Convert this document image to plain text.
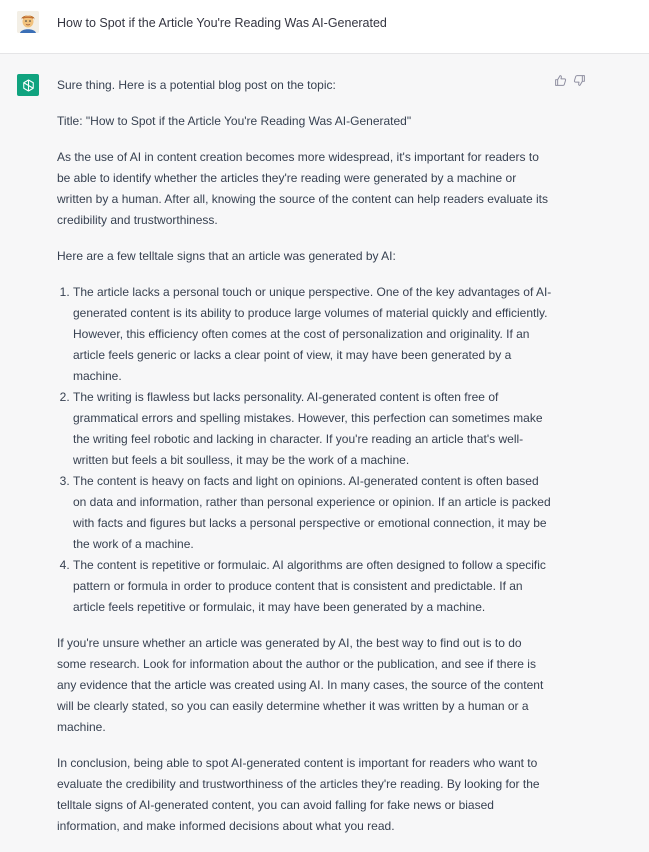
How to Spot if the Article You're Reading Was AI-Generated

Sure thing. Here is a potential blog post on the topic:

Title: "How to Spot if the Article You're Reading Was AI-Generated"

As the use of AI in content creation becomes more widespread, it's important for readers to be able to identify whether the articles they're reading were generated by a machine or written by a human. After all, knowing the source of the content can help readers evaluate its credibility and trustworthiness.

Here are a few telltale signs that an article was generated by AI:

1. The article lacks a personal touch or unique perspective. One of the key advantages of AI-generated content is its ability to produce large volumes of material quickly and efficiently. However, this efficiency often comes at the cost of personalization and originality. If an article feels generic or lacks a clear point of view, it may have been generated by a machine.
2. The writing is flawless but lacks personality. AI-generated content is often free of grammatical errors and spelling mistakes. However, this perfection can sometimes make the writing feel robotic and lacking in character. If you're reading an article that's well-written but feels a bit soulless, it may be the work of a machine.
3. The content is heavy on facts and light on opinions. AI-generated content is often based on data and information, rather than personal experience or opinion. If an article is packed with facts and figures but lacks a personal perspective or emotional connection, it may be the work of a machine.
4. The content is repetitive or formulaic. AI algorithms are often designed to follow a specific pattern or formula in order to produce content that is consistent and predictable. If an article feels repetitive or formulaic, it may have been generated by a machine.

If you're unsure whether an article was generated by AI, the best way to find out is to do some research. Look for information about the author or the publication, and see if there is any evidence that the article was created using AI. In many cases, the source of the content will be clearly stated, so you can easily determine whether it was written by a human or a machine.

In conclusion, being able to spot AI-generated content is important for readers who want to evaluate the credibility and trustworthiness of the articles they're reading. By looking for the telltale signs of AI-generated content, you can avoid falling for fake news or biased information, and make informed decisions about what you read.
